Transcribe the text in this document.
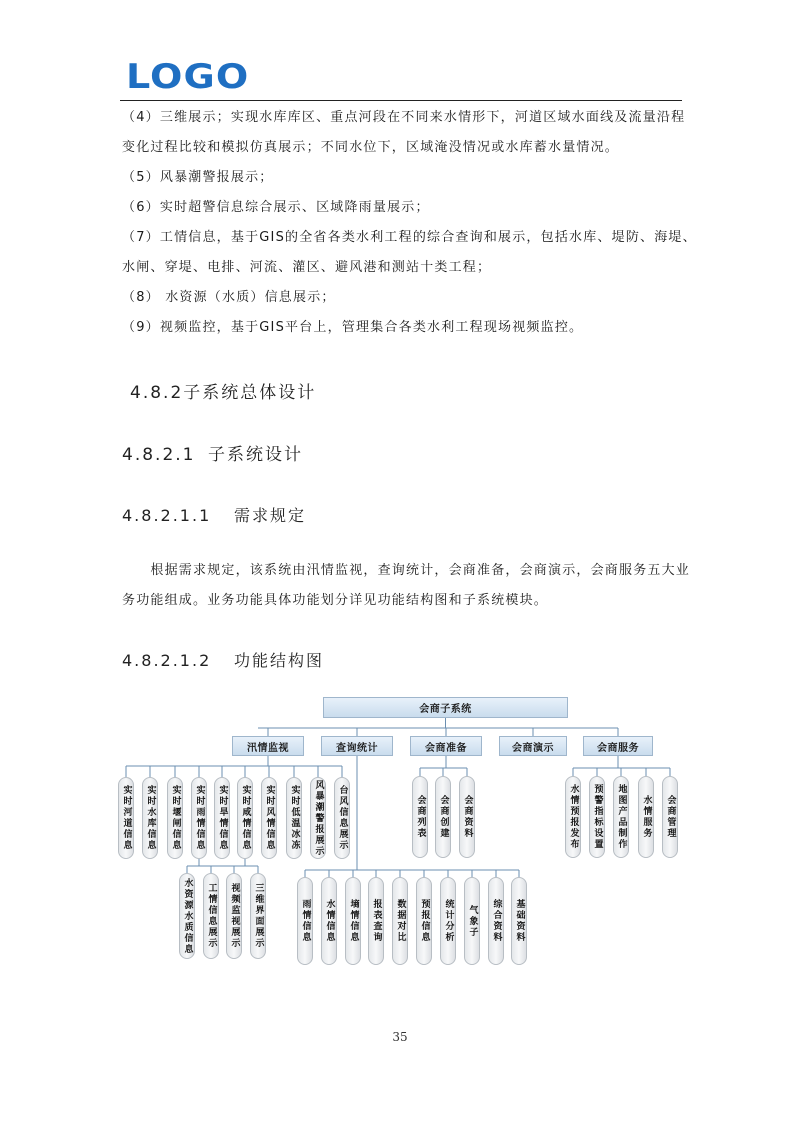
LOGO
（4）三维展示；实现水库库区、重点河段在不同来水情形下，河道区域水面线及流量沿程
变化过程比较和模拟仿真展示；不同水位下，区域淹没情况或水库蓄水量情况。
（5）风暴潮警报展示；
（6）实时超警信息综合展示、区域降雨量展示；
（7）工情信息，基于GIS的全省各类水利工程的综合查询和展示，包括水库、堤防、海堤、
水闸、穿堤、电排、河流、灌区、避风港和测站十类工程；
（8） 水资源（水质）信息展示；
（9）视频监控，基于GIS平台上，管理集合各类水利工程现场视频监控。
4.8.2子系统总体设计
4.8.2.1 子系统设计
4.8.2.1.1 需求规定
　　根据需求规定，该系统由汛情监视，查询统计，会商准备，会商演示，会商服务五大业
务功能组成。业务功能具体功能划分详见功能结构图和子系统模块。
4.8.2.1.2 功能结构图
会商子系统
汛情监视	查询统计	会商准备	会商演示	会商服务
实时河道信息 实时水库信息 实时堰闸信息 实时雨情信息 实时旱情信息 实时咸情信息 实时风情信息 实时低温冰冻 风暴潮警报展示 台风信息展示
水资源水质信息 工情信息展示 视频监视展示 三维界面展示	雨情信息 水情信息 墒情信息 报表查询 数据对比 预报信息 统计分析 气象子 综合资料 基础资料
会商列表 会商创建 会商资料	水情预报发布 预警指标设置 地图产品制作 水情服务 会商管理
35
